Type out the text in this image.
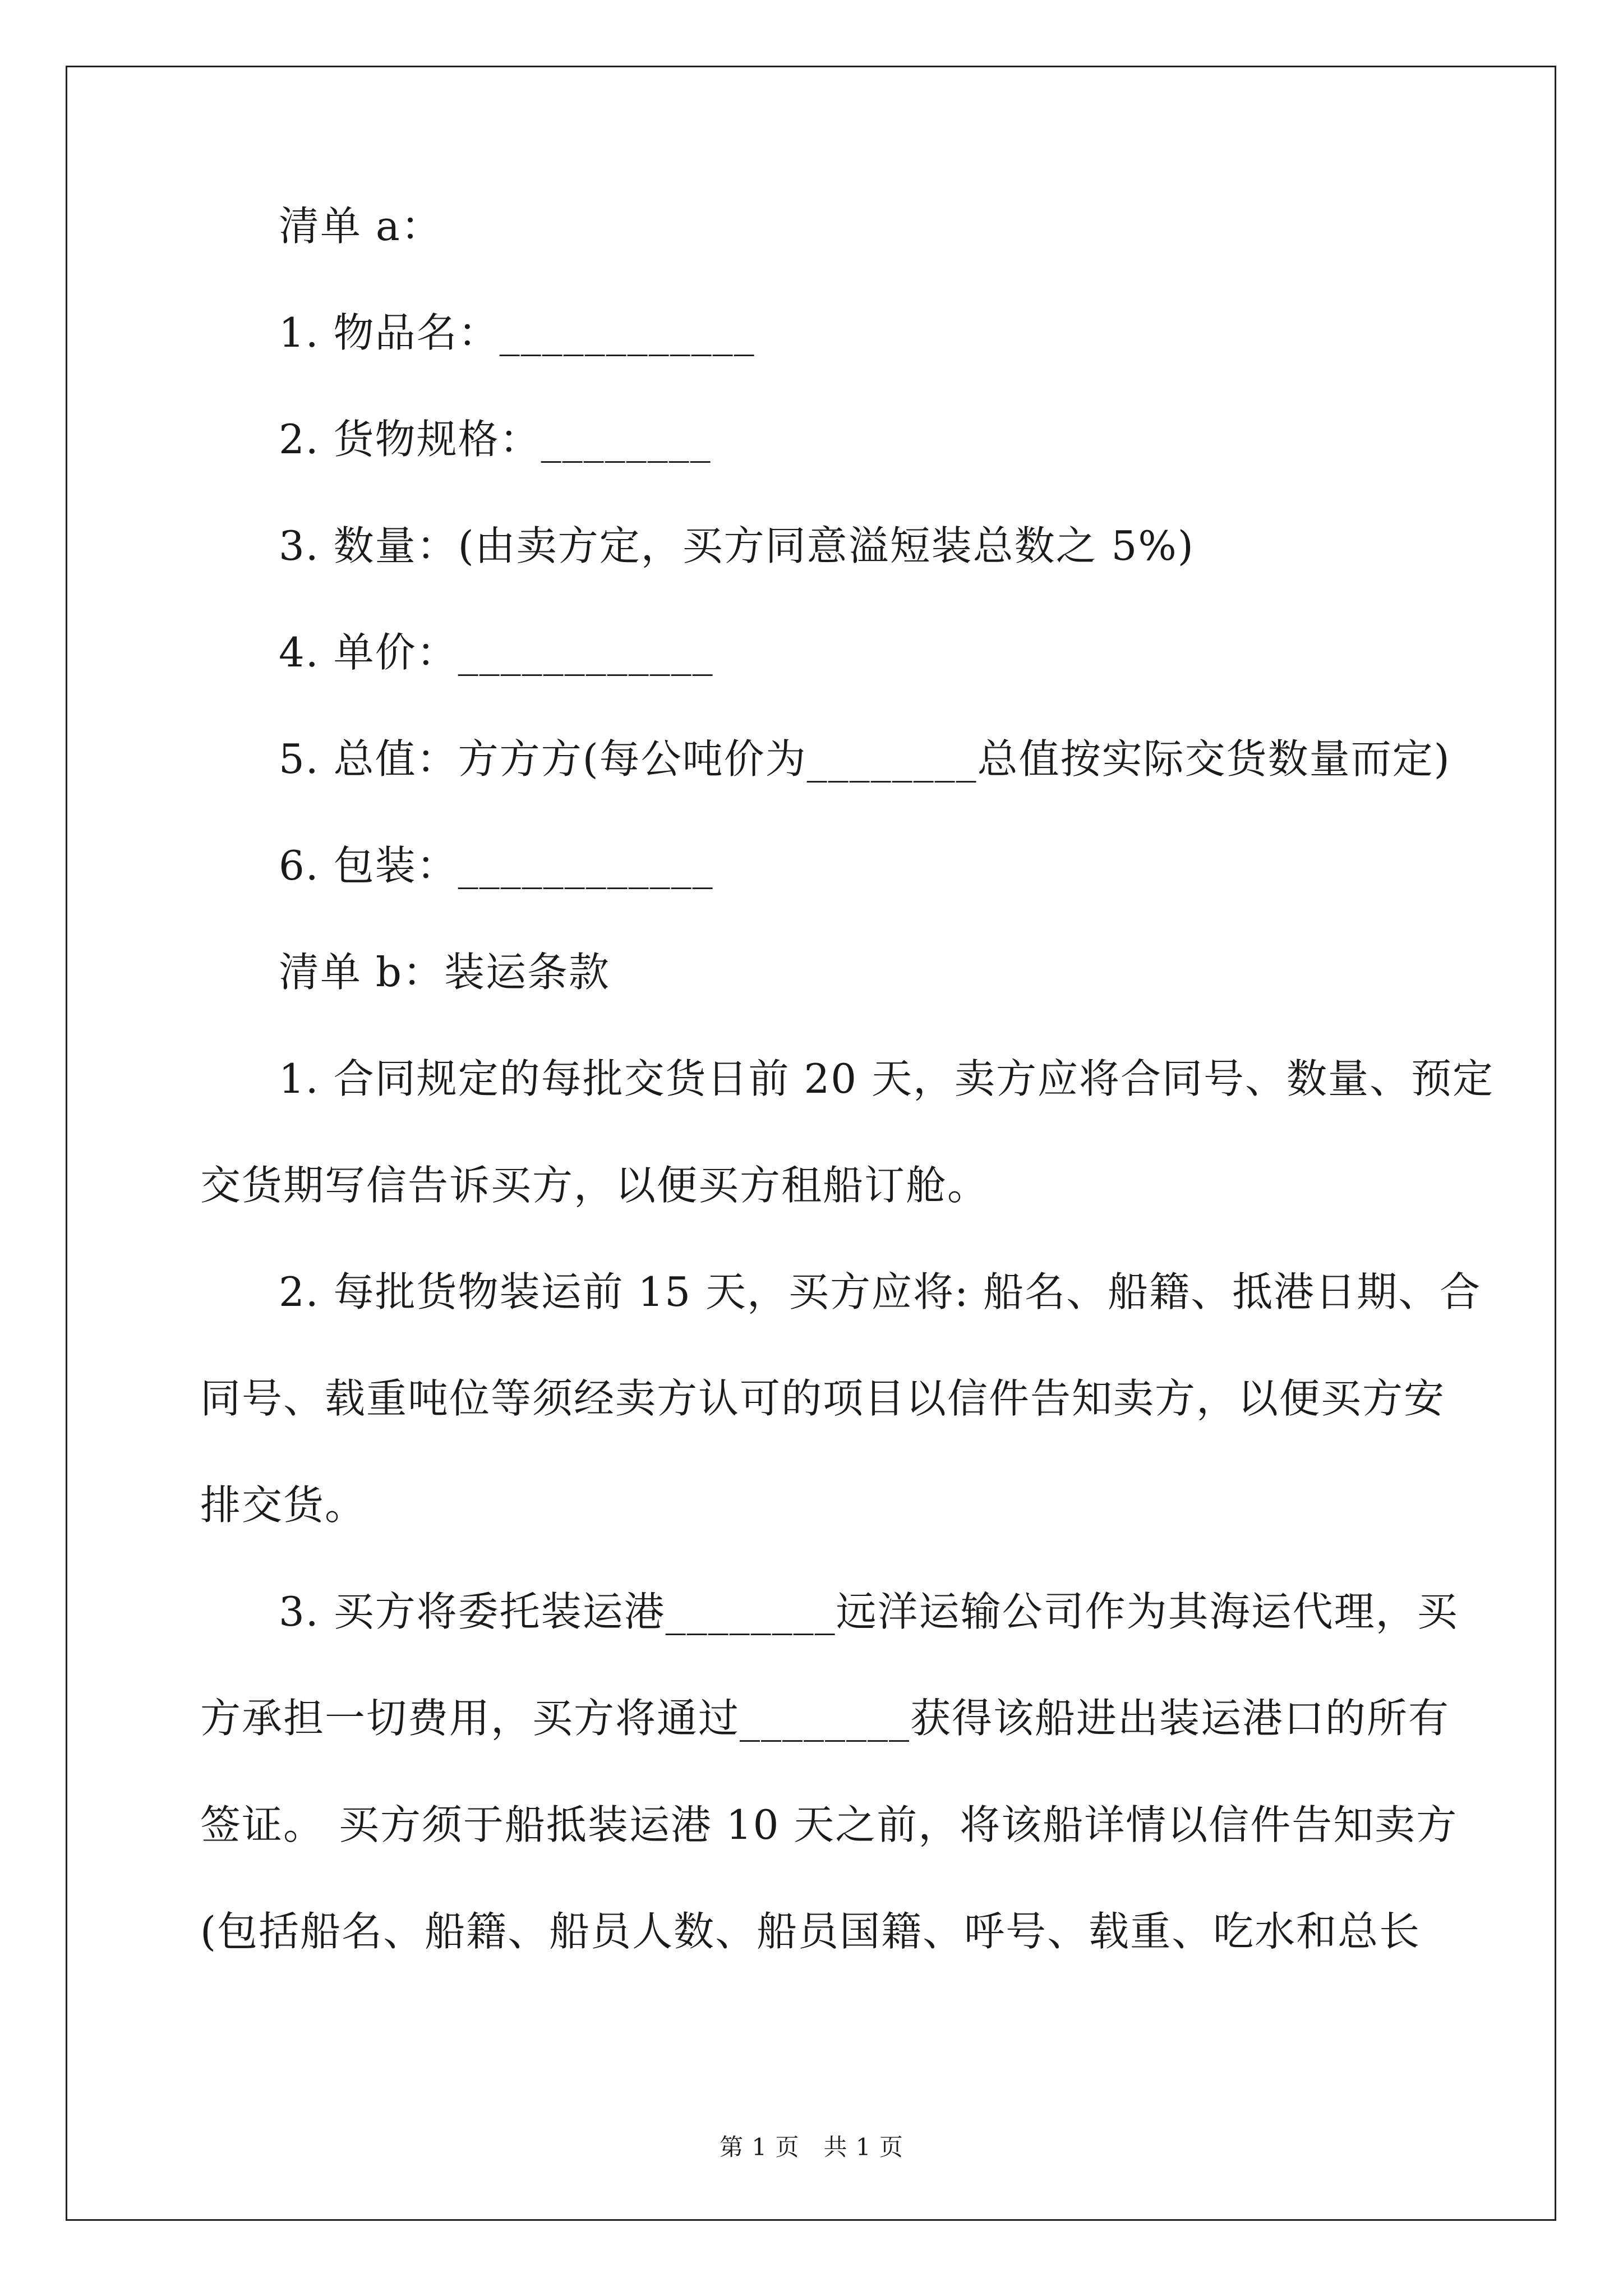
清单 a：
1. 物品名：____________
2. 货物规格：________
3. 数量：(由卖方定，买方同意溢短装总数之 5%)
4. 单价：____________
5. 总值：方方方(每公吨价为________总值按实际交货数量而定)
6. 包装：____________
清单 b：装运条款
1. 合同规定的每批交货日前 20 天，卖方应将合同号、数量、预定
交货期写信告诉买方，以便买方租船订舱。
2. 每批货物装运前 15 天，买方应将: 船名、船籍、抵港日期、合
同号、载重吨位等须经卖方认可的项目以信件告知卖方，以便买方安
排交货。
3. 买方将委托装运港________远洋运输公司作为其海运代理，买
方承担一切费用，买方将通过________获得该船进出装运港口的所有
签证。 买方须于船抵装运港 10 天之前，将该船详情以信件告知卖方
(包括船名、船籍、船员人数、船员国籍、呼号、载重、吃水和总长
第 1 页　共 1 页
